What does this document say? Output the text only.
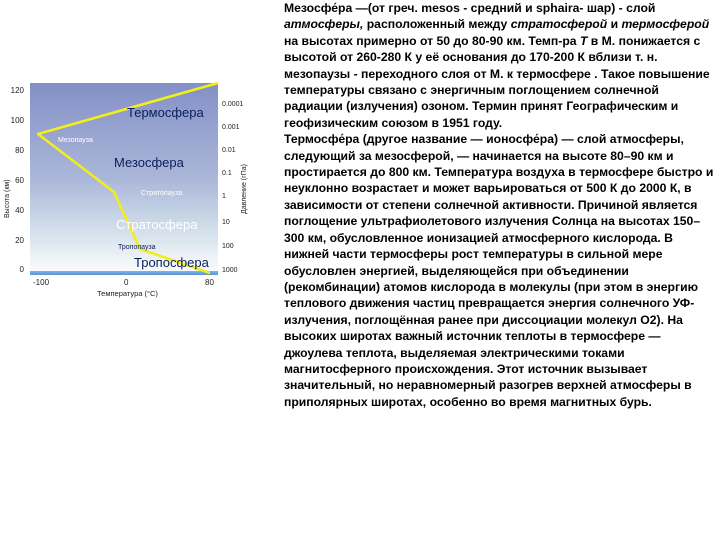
Высота (км)
120
100
80
60
40
20
0
0.0001
0.001
0.01
0.1
1
10
100
1000
Давление (гПа)
-100	0	80
Температура (°С)
Термосфера
Мезопауза
Мезосфера
Стратопауза
Стратосфера
Тропопауза
Тропосфера

Мезосфе́ра —(от греч. mesos - средний и sphaira- шар) - слой атмосферы, расположенный между стратосферой и термосферой на высотах примерно от 50 до 80-90 км. Темп-ра Т в М. понижается с высотой от 260-280 К у её основания до 170-200 К вблизи т. н. мезопаузы - переходного слоя от М. к термосфере . Такое повышение температуры связано с энергичным поглощением солнечной радиации (излучения) озоном. Термин принят Географическим и геофизическим союзом в 1951 году.

Термосфе́ра (другое название — ионосфе́ра) — слой атмосферы, следующий за мезосферой, — начинается на высоте 80–90 км и простирается до 800 км. Температура воздуха в термосфере быстро и неуклонно возрастает и может варьироваться от 500 К до 2000 К, в зависимости от степени солнечной активности. Причиной является поглощение ультрафиолетового излучения Солнца на высотах 150–300 км, обусловленное ионизацией атмосферного кислорода. В нижней части термосферы рост температуры в сильной мере обусловлен энергией, выделяющейся при объединении (рекомбинации) атомов кислорода в молекулы (при этом в энергию теплового движения частиц превращается энергия солнечного УФ-излучения, поглощённая ранее при диссоциации молекул О2). На высоких широтах важный источник теплоты в термосфере — джоулева теплота, выделяемая электрическими токами магнитосферного происхождения. Этот источник вызывает значительный, но неравномерный разогрев верхней атмосферы в приполярных широтах, особенно во время магнитных бурь.
